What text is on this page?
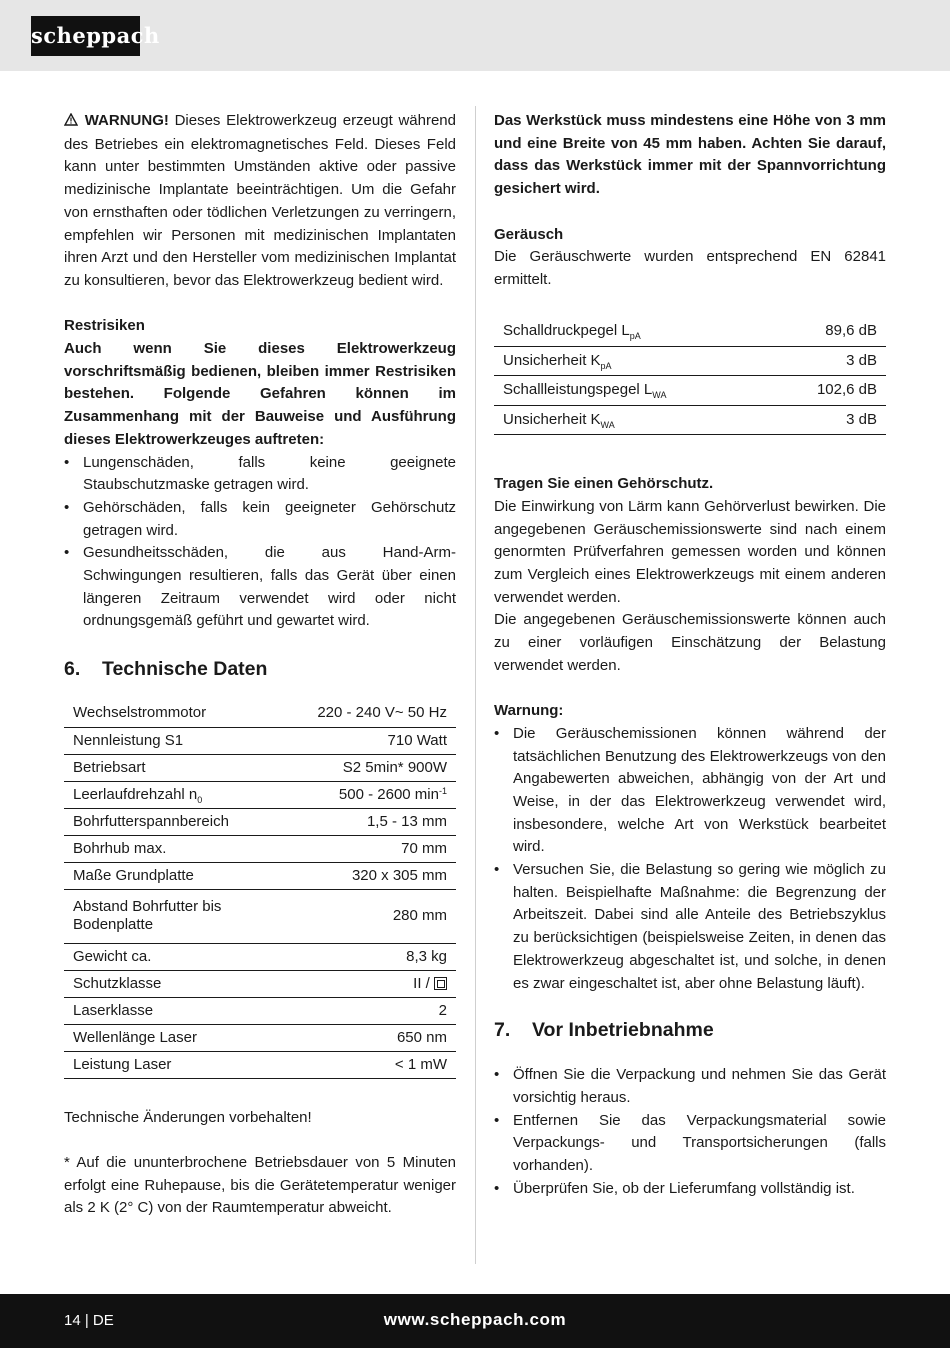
scheppach

WARNUNG! Dieses Elektrowerkzeug erzeugt während des Betriebes ein elektromagnetisches Feld. Dieses Feld kann unter bestimmten Umständen aktive oder passive medizinische Implantate beeinträchtigen. Um die Gefahr von ernsthaften oder tödlichen Verletzungen zu verringern, empfehlen wir Personen mit medizinischen Implantaten ihren Arzt und den Hersteller vom medizinischen Implantat zu konsultieren, bevor das Elektrowerkzeug bedient wird.

Restrisiken

Auch wenn Sie dieses Elektrowerkzeug vorschriftsmäßig bedienen, bleiben immer Restrisiken bestehen. Folgende Gefahren können im Zusammenhang mit der Bauweise und Ausführung dieses Elektrowerkzeuges auftreten:

• Lungenschäden, falls keine geeignete Staubschutzmaske getragen wird.
• Gehörschäden, falls kein geeigneter Gehörschutz getragen wird.
• Gesundheitsschäden, die aus Hand-Arm-Schwingungen resultieren, falls das Gerät über einen längeren Zeitraum verwendet wird oder nicht ordnungsgemäß geführt und gewartet wird.
6. Technische Daten
Wechselstrommotor	220 - 240 V~ 50 Hz
Nennleistung S1	710 Watt
Betriebsart	S2 5min* 900W
Leerlaufdrehzahl $n_0$	500 - 2600 $\min^{-1}$
Bohrfutterspannbereich	1,5 - 13 mm
Bohrhub max.	70 mm
Maße Grundplatte	320 x 305 mm
Abstand Bohrfutter bis Bodenplatte	280 mm
Gewicht ca.	8,3 kg
Schutzklasse	II /
Laserklasse	2
Wellenlänge Laser	650 nm
Leistung Laser	< 1 mW

Technische Änderungen vorbehalten!

* Auf die ununterbrochene Betriebsdauer von 5 Minuten erfolgt eine Ruhepause, bis die Gerätetemperatur weniger als 2 K (2° C) von der Raumtemperatur abweicht.

Das Werkstück muss mindestens eine Höhe von 3 mm und eine Breite von 45 mm haben. Achten Sie darauf, dass das Werkstück immer mit der Spannvorrichtung gesichert wird.

Geräusch

Die Geräuschwerte wurden entsprechend EN 62841 ermittelt.

Schalldruckpegel $L_{pA}$	89,6 dB
Unsicherheit $K_{pA}$	3 dB
Schallleistungspegel $L_{WA}$	102,6 dB
Unsicherheit $K_{WA}$	3 dB

Tragen Sie einen Gehörschutz.

Die Einwirkung von Lärm kann Gehörverlust bewirken. Die angegebenen Geräuschemissionswerte sind nach einem genormten Prüfverfahren gemessen worden und können zum Vergleich eines Elektrowerkzeugs mit einem anderen verwendet werden.

Die angegebenen Geräuschemissionswerte können auch zu einer vorläufigen Einschätzung der Belastung verwendet werden.

Warnung:

• Die Geräuschemissionen können während der tatsächlichen Benutzung des Elektrowerkzeugs von den Angabewerten abweichen, abhängig von der Art und Weise, in der das Elektrowerkzeug verwendet wird, insbesondere, welche Art von Werkstück bearbeitet wird.
• Versuchen Sie, die Belastung so gering wie möglich zu halten. Beispielhafte Maßnahme: die Begrenzung der Arbeitszeit. Dabei sind alle Anteile des Betriebszyklus zu berücksichtigen (beispielsweise Zeiten, in denen das Elektrowerkzeug abgeschaltet ist, und solche, in denen es zwar eingeschaltet ist, aber ohne Belastung läuft).
7. Vor Inbetriebnahme
• Öffnen Sie die Verpackung und nehmen Sie das Gerät vorsichtig heraus.
• Entfernen Sie das Verpackungsmaterial sowie Verpackungs- und Transportsicherungen (falls vorhanden).
• Überprüfen Sie, ob der Lieferumfang vollständig ist.
14 | DE	www.scheppach.com
